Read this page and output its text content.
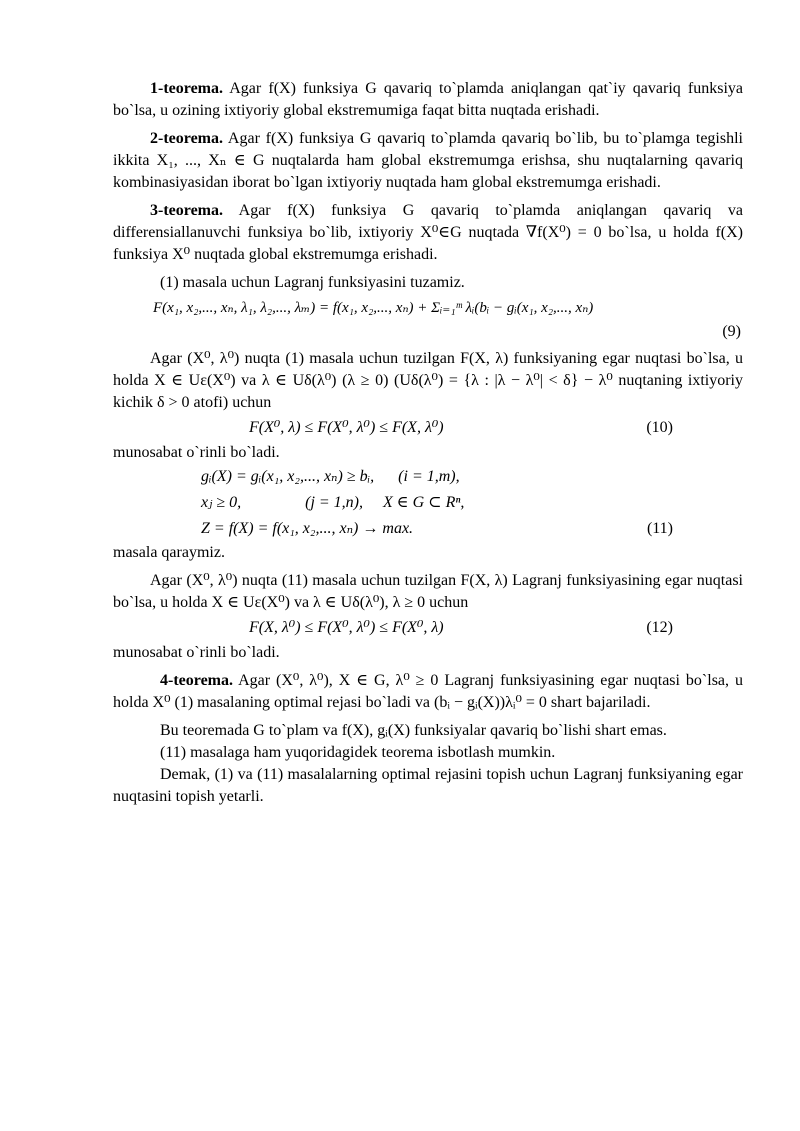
1-teorema. Agar f(X) funksiya G qavariq to`plamda aniqlangan qat`iy qavariq funksiya bo`lsa, u ozining ixtiyoriy global ekstremumiga faqat bitta nuqtada erishadi.

2-teorema. Agar f(X) funksiya G qavariq to`plamda qavariq bo`lib, bu to`plamga tegishli ikkita X₁, ..., Xₙ ∈ G nuqtalarda ham global ekstremumga erishsa, shu nuqtalarning qavariq kombinasiyasidan iborat bo`lgan ixtiyoriy nuqtada ham global ekstremumga erishadi.

3-teorema. Agar f(X) funksiya G qavariq to`plamda aniqlangan qavariq va differensiallanuvchi funksiya bo`lib, ixtiyoriy X⁰∈G nuqtada ∇f(X⁰) = 0 bo`lsa, u holda f(X) funksiya X⁰ nuqtada global ekstremumga erishadi.

(1) masala uchun Lagranj funksiyasini tuzamiz.

F(x₁, x₂,..., xₙ, λ₁, λ₂,..., λₘ) = f(x₁, x₂,..., xₙ) + Σᵢ₌₁ᵐ λᵢ(bᵢ − gᵢ(x₁, x₂,..., xₙ)
(9)

Agar (X⁰, λ⁰) nuqta (1) masala uchun tuzilgan F(X, λ) funksiyaning egar nuqtasi bo`lsa, u holda X ∈ Uε(X⁰) va λ ∈ Uδ(λ⁰) (λ ≥ 0) (Uδ(λ⁰) = {λ : |λ − λ⁰| < δ} − λ⁰ nuqtaning ixtiyoriy kichik δ > 0 atofi) uchun

F(X⁰, λ) ≤ F(X⁰, λ⁰) ≤ F(X, λ⁰)	(10)

munosabat o`rinli bo`ladi.

gᵢ(X) = gᵢ(x₁, x₂,..., xₙ) ≥ bᵢ,      (i = 1,m),
xⱼ ≥ 0,                (j = 1,n),     X ∈ G ⊂ Rⁿ,
Z = f(X) = f(x₁, x₂,..., xₙ) → max.	(11)

masala qaraymiz.

Agar (X⁰, λ⁰) nuqta (11) masala uchun tuzilgan F(X, λ) Lagranj funksiyasining egar nuqtasi bo`lsa, u holda X ∈ Uε(X⁰) va λ ∈ Uδ(λ⁰), λ ≥ 0 uchun

F(X, λ⁰) ≤ F(X⁰, λ⁰) ≤ F(X⁰, λ)	(12)

munosabat o`rinli bo`ladi.

4-teorema. Agar (X⁰, λ⁰), X ∈ G, λ⁰ ≥ 0 Lagranj funksiyasining egar nuqtasi bo`lsa, u holda X⁰ (1) masalaning optimal rejasi bo`ladi va (bᵢ − gᵢ(X))λᵢ⁰ = 0 shart bajariladi.

Bu teoremada G to`plam va f(X), gᵢ(X) funksiyalar qavariq bo`lishi shart emas.

(11) masalaga ham yuqoridagidek teorema isbotlash mumkin.

Demak, (1) va (11) masalalarning optimal rejasini topish uchun Lagranj funksiyaning egar nuqtasini topish yetarli.
